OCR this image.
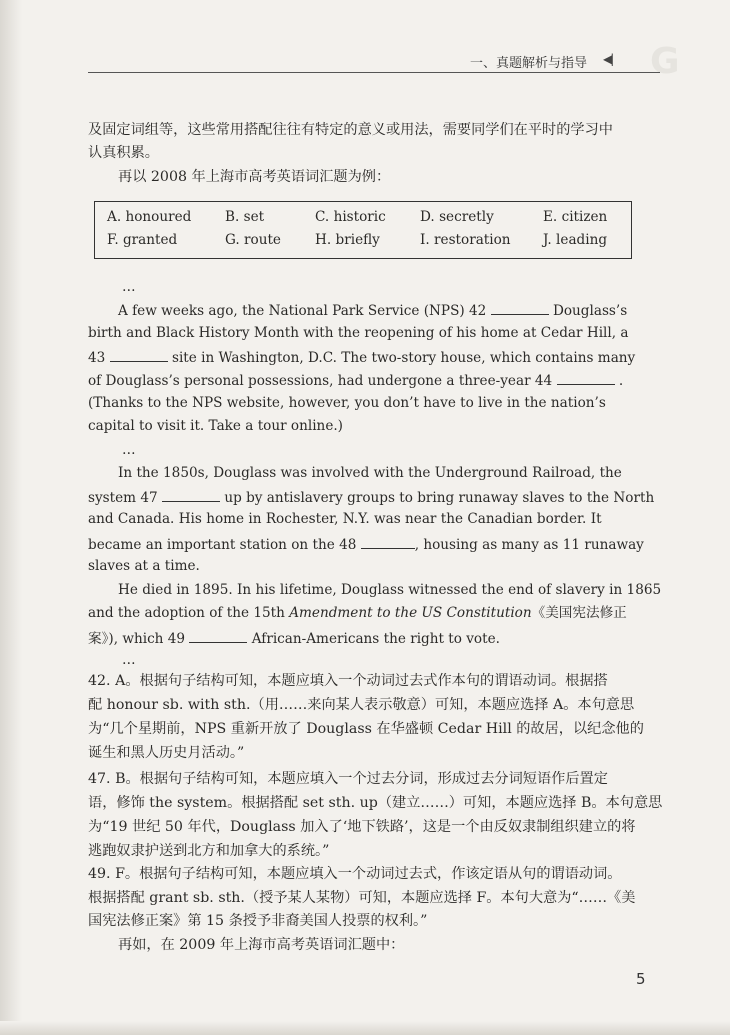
一、真题解析与指导 ◀| G
及固定词组等，这些常用搭配往往有特定的意义或用法，需要同学们在平时的学习中
认真积累。
再以 2008 年上海市高考英语词汇题为例：
A. honoured B. set	C. historic	D. secretly	E. citizen
F. granted	G. route	H. briefly	I. restoration J. leading
…
A few weeks ago, the National Park Service (NPS) 42	Douglass’s
birth and Black History Month with the reopening of his home at Cedar Hill, a
43	site in Washington, D.C. The two-story house, which contains many
of Douglass’s personal possessions, had undergone a three-year 44	.
(Thanks to the NPS website, however, you don’t have to live in the nation’s
capital to visit it. Take a tour online.)
…
In the 1850s, Douglass was involved with the Underground Railroad, the
system 47	up by antislavery groups to bring runaway slaves to the North
and Canada. His home in Rochester, N.Y. was near the Canadian border. It
became an important station on the 48	, housing as many as 11 runaway
slaves at a time.
He died in 1895. In his lifetime, Douglass witnessed the end of slavery in 1865
and the adoption of the 15th Amendment to the US Constitution《美国宪法修正
案》), which 49	African-Americans the right to vote.
…
42. A。根据句子结构可知，本题应填入一个动词过去式作本句的谓语动词。根据搭
配 honour sb. with sth.（用……来向某人表示敬意）可知，本题应选择 A。本句意思
为“几个星期前，NPS 重新开放了 Douglass 在华盛顿 Cedar Hill 的故居，以纪念他的
诞生和黑人历史月活动。”
47. B。根据句子结构可知，本题应填入一个过去分词，形成过去分词短语作后置定
语，修饰 the system。根据搭配 set sth. up（建立……）可知，本题应选择 B。本句意思
为“19 世纪 50 年代，Douglass 加入了‘地下铁路’，这是一个由反奴隶制组织建立的将
逃跑奴隶护送到北方和加拿大的系统。”
49. F。根据句子结构可知，本题应填入一个动词过去式，作该定语从句的谓语动词。
根据搭配 grant sb. sth.（授予某人某物）可知，本题应选择 F。本句大意为“……《美
国宪法修正案》第 15 条授予非裔美国人投票的权利。”
再如，在 2009 年上海市高考英语词汇题中：
5
